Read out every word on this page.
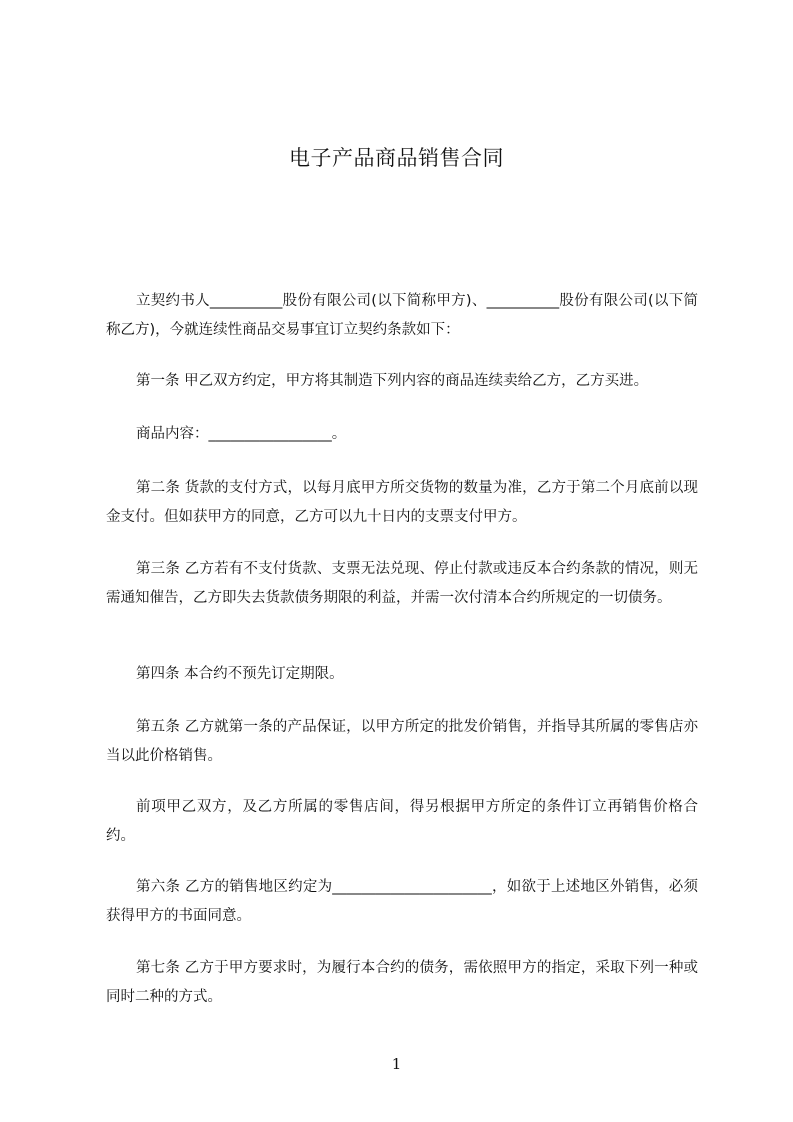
电子产品商品销售合同
立契约书人__________股份有限公司(以下简称甲方)、__________股份有限公司(以下简称乙方)，今就连续性商品交易事宜订立契约条款如下：
第一条 甲乙双方约定，甲方将其制造下列内容的商品连续卖给乙方，乙方买进。
商品内容：_________________。
第二条 货款的支付方式，以每月底甲方所交货物的数量为准，乙方于第二个月底前以现金支付。但如获甲方的同意，乙方可以九十日内的支票支付甲方。
第三条 乙方若有不支付货款、支票无法兑现、停止付款或违反本合约条款的情况，则无需通知催告，乙方即失去货款债务期限的利益，并需一次付清本合约所规定的一切债务。
第四条 本合约不预先订定期限。
第五条 乙方就第一条的产品保证，以甲方所定的批发价销售，并指导其所属的零售店亦当以此价格销售。
前项甲乙双方，及乙方所属的零售店间，得另根据甲方所定的条件订立再销售价格合约。
第六条 乙方的销售地区约定为______________________，如欲于上述地区外销售，必须获得甲方的书面同意。
第七条 乙方于甲方要求时，为履行本合约的债务，需依照甲方的指定，采取下列一种或同时二种的方式。
1
